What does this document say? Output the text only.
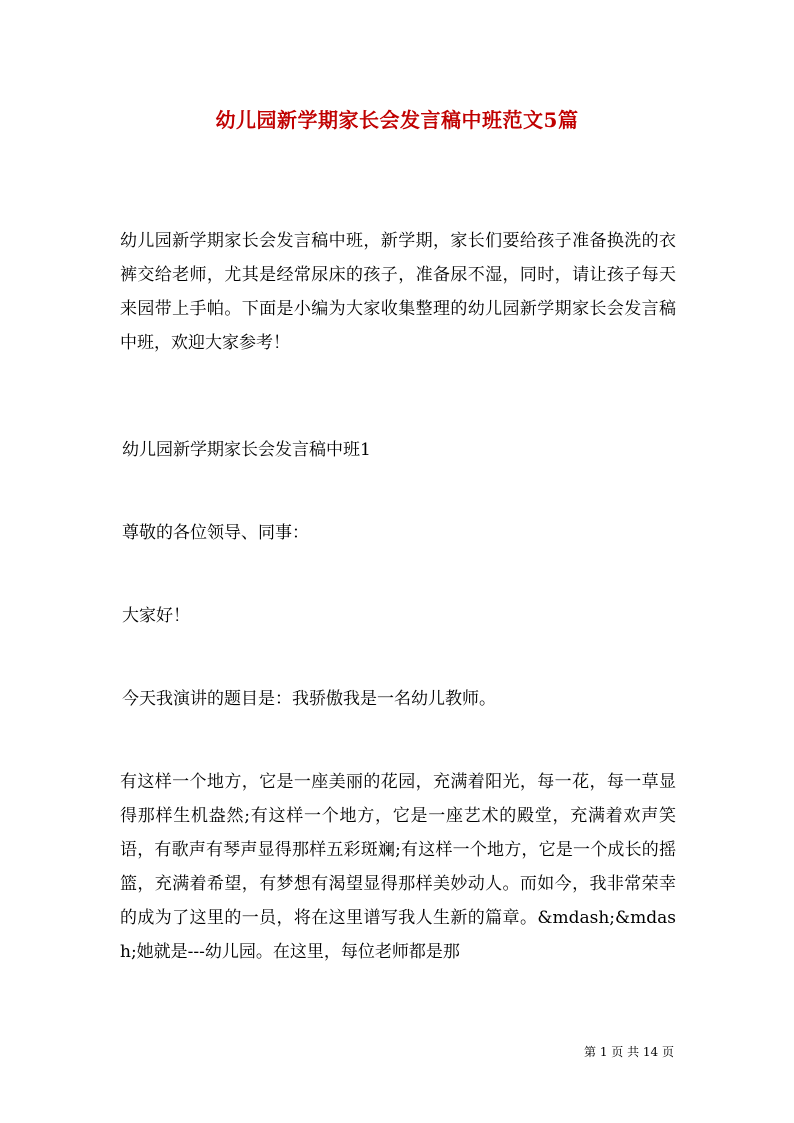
幼儿园新学期家长会发言稿中班范文5篇

幼儿园新学期家长会发言稿中班，新学期，家长们要给孩子准备换洗的衣裤交给老师，尤其是经常尿床的孩子，准备尿不湿，同时，请让孩子每天来园带上手帕。下面是小编为大家收集整理的幼儿园新学期家长会发言稿中班，欢迎大家参考！

幼儿园新学期家长会发言稿中班1

尊敬的各位领导、同事：

大家好！

今天我演讲的题目是：我骄傲我是一名幼儿教师。

有这样一个地方，它是一座美丽的花园，充满着阳光，每一花，每一草显得那样生机盎然;有这样一个地方，它是一座艺术的殿堂，充满着欢声笑语，有歌声有琴声显得那样五彩斑斓;有这样一个地方，它是一个成长的摇篮，充满着希望，有梦想有渴望显得那样美妙动人。而如今，我非常荣幸的成为了这里的一员，将在这里谱写我人生新的篇章。&mdash;&mdash;她就是---幼儿园。在这里，每位老师都是那

第 1 页 共 14 页
